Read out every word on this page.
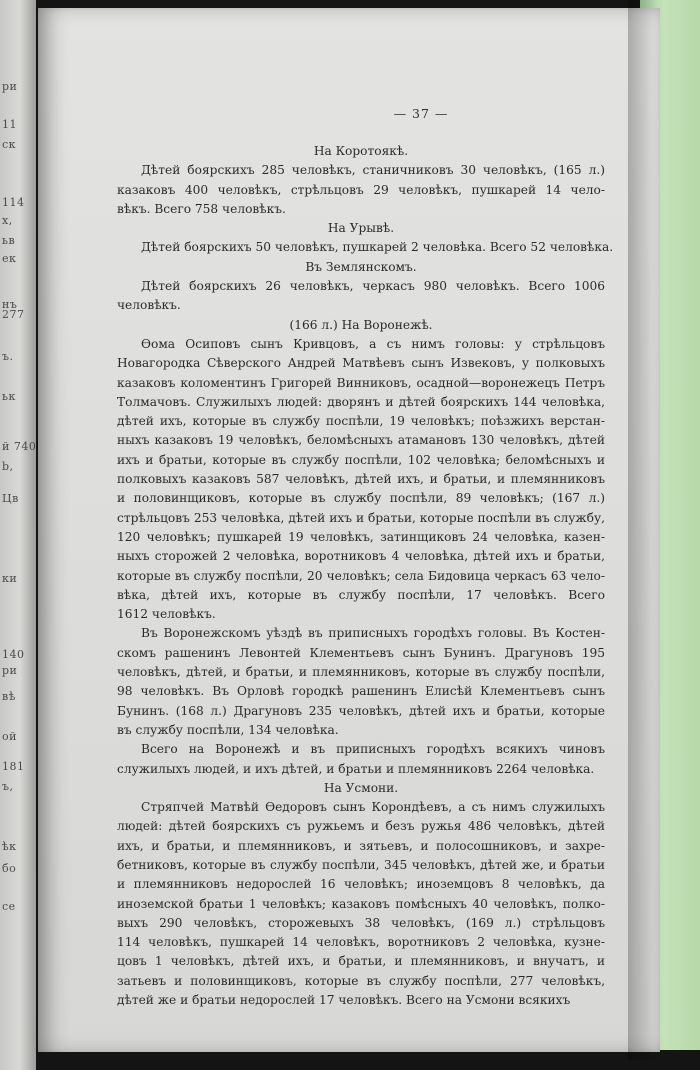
ри
11
ск
114
х,
ьв
ек
нъ
277
ъ.
ьк
й 740
b,
Цв
ки
140
ри
вѣ
ой
181
ъ,
ѣк
бо
се
— 37 —
На Коротоякѣ.
Дѣтей боярскихъ 285 человѣкъ, станичниковъ 30 человѣкъ, (165 л.)
казаковъ 400 человѣкъ, стрѣльцовъ 29 человѣкъ, пушкарей 14 чело-
вѣкъ. Всего 758 человѣкъ.
На Урывѣ.
Дѣтей боярскихъ 50 человѣкъ, пушкарей 2 человѣка. Всего 52 человѣка.
Въ Землянскомъ.
Дѣтей боярскихъ 26 человѣкъ, черкасъ 980 человѣкъ. Всего 1006
человѣкъ.
(166 л.) На Воронежѣ.
Ѳома Осиповъ сынъ Кривцовъ, а съ нимъ головы: у стрѣльцовъ
Новагородка Сѣверского Андрей Матвѣевъ сынъ Извековъ, у полковыхъ
казаковъ коломентинъ Григорей Винниковъ, осадной—воронежецъ Петръ
Толмачовъ. Служилыхъ людей: дворянъ и дѣтей боярскихъ 144 человѣка,
дѣтей ихъ, которые въ службу поспѣли, 19 человѣкъ; поѣзжихъ верстан-
ныхъ казаковъ 19 человѣкъ, беломѣсныхъ атамановъ 130 человѣкъ, дѣтей
ихъ и братьи, которые въ службу поспѣли, 102 человѣка; беломѣсныхъ и
полковыхъ казаковъ 587 человѣкъ, дѣтей ихъ, и братьи, и племянниковъ
и половинщиковъ, которые въ службу поспѣли, 89 человѣкъ; (167 л.)
стрѣльцовъ 253 человѣка, дѣтей ихъ и братьи, которые поспѣли въ службу,
120 человѣкъ; пушкарей 19 человѣкъ, затинщиковъ 24 человѣка, казен-
ныхъ сторожей 2 человѣка, воротниковъ 4 человѣка, дѣтей ихъ и братьи,
которые въ службу поспѣли, 20 человѣкъ; села Бидовица черкасъ 63 чело-
вѣка, дѣтей ихъ, которые въ службу поспѣли, 17 человѣкъ. Всего
1612 человѣкъ.
Въ Воронежскомъ уѣздѣ въ приписныхъ городѣхъ головы. Въ Костен-
скомъ рашенинъ Левонтей Клементьевъ сынъ Бунинъ. Драгуновъ 195
человѣкъ, дѣтей, и братьи, и племянниковъ, которые въ службу поспѣли,
98 человѣкъ. Въ Орловѣ городкѣ рашенинъ Елисѣй Клементьевъ сынъ
Бунинъ. (168 л.) Драгуновъ 235 человѣкъ, дѣтей ихъ и братьи, которые
въ службу поспѣли, 134 человѣка.
Всего на Воронежѣ и въ приписныхъ городѣхъ всякихъ чиновъ
служилыхъ людей, и ихъ дѣтей, и братьи и племянниковъ 2264 человѣка.
На Усмони.
Стряпчей Матвѣй Ѳедоровъ сынъ Корондѣевъ, а съ нимъ служилыхъ
людей: дѣтей боярскихъ съ ружьемъ и безъ ружья 486 человѣкъ, дѣтей
ихъ, и братьи, и племянниковъ, и зятьевъ, и полосошниковъ, и захре-
бетниковъ, которые въ службу поспѣли, 345 человѣкъ, дѣтей же, и братьи
и племянниковъ недорослей 16 человѣкъ; иноземцовъ 8 человѣкъ, да
иноземской братьи 1 человѣкъ; казаковъ помѣсныхъ 40 человѣкъ, полко-
выхъ 290 человѣкъ, сторожевыхъ 38 человѣкъ, (169 л.) стрѣльцовъ
114 человѣкъ, пушкарей 14 человѣкъ, воротниковъ 2 человѣка, кузне-
цовъ 1 человѣкъ, дѣтей ихъ, и братьи, и племянниковъ, и внучатъ, и
затьевъ и половинщиковъ, которые въ службу поспѣли, 277 человѣкъ,
дѣтей же и братьи недорослей 17 человѣкъ. Всего на Усмони всякихъ
